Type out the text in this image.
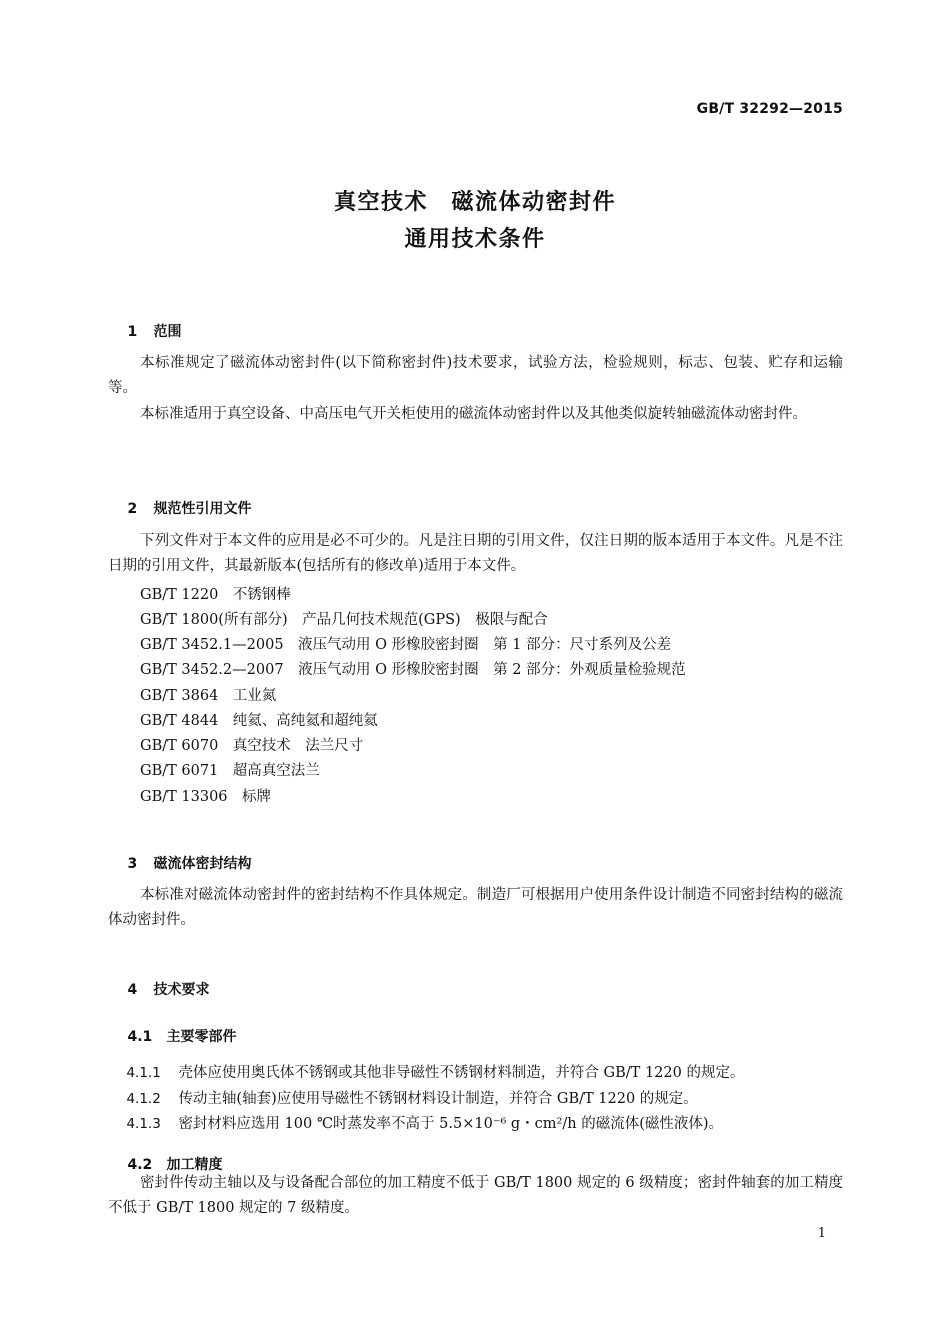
GB/T 32292—2015
真空技术　磁流体动密封件
通用技术条件

1 范围

本标准规定了磁流体动密封件(以下简称密封件)技术要求，试验方法，检验规则，标志、包装、贮存和运输等。
本标准适用于真空设备、中高压电气开关柜使用的磁流体动密封件以及其他类似旋转轴磁流体动密封件。

2 规范性引用文件

下列文件对于本文件的应用是必不可少的。凡是注日期的引用文件，仅注日期的版本适用于本文件。凡是不注日期的引用文件，其最新版本(包括所有的修改单)适用于本文件。
GB/T 1220　不锈钢棒
GB/T 1800(所有部分)　产品几何技术规范(GPS)　极限与配合
GB/T 3452.1—2005　液压气动用 O 形橡胶密封圈　第 1 部分：尺寸系列及公差
GB/T 3452.2—2007　液压气动用 O 形橡胶密封圈　第 2 部分：外观质量检验规范
GB/T 3864　工业氮
GB/T 4844　纯氦、高纯氦和超纯氦
GB/T 6070　真空技术　法兰尺寸
GB/T 6071　超高真空法兰
GB/T 13306　标牌

3 磁流体密封结构

本标准对磁流体动密封件的密封结构不作具体规定。制造厂可根据用户使用条件设计制造不同密封结构的磁流体动密封件。

4 技术要求

4.1 主要零部件

4.1.1 壳体应使用奥氏体不锈钢或其他非导磁性不锈钢材料制造，并符合 GB/T 1220 的规定。

4.1.2 传动主轴(轴套)应使用导磁性不锈钢材料设计制造，并符合 GB/T 1220 的规定。

4.1.3 密封材料应选用 100 ℃时蒸发率不高于 5.5×10⁻⁶ g・cm²/h 的磁流体(磁性液体)。

4.2 加工精度

密封件传动主轴以及与设备配合部位的加工精度不低于 GB/T 1800 规定的 6 级精度；密封件轴套的加工精度不低于 GB/T 1800 规定的 7 级精度。
1
